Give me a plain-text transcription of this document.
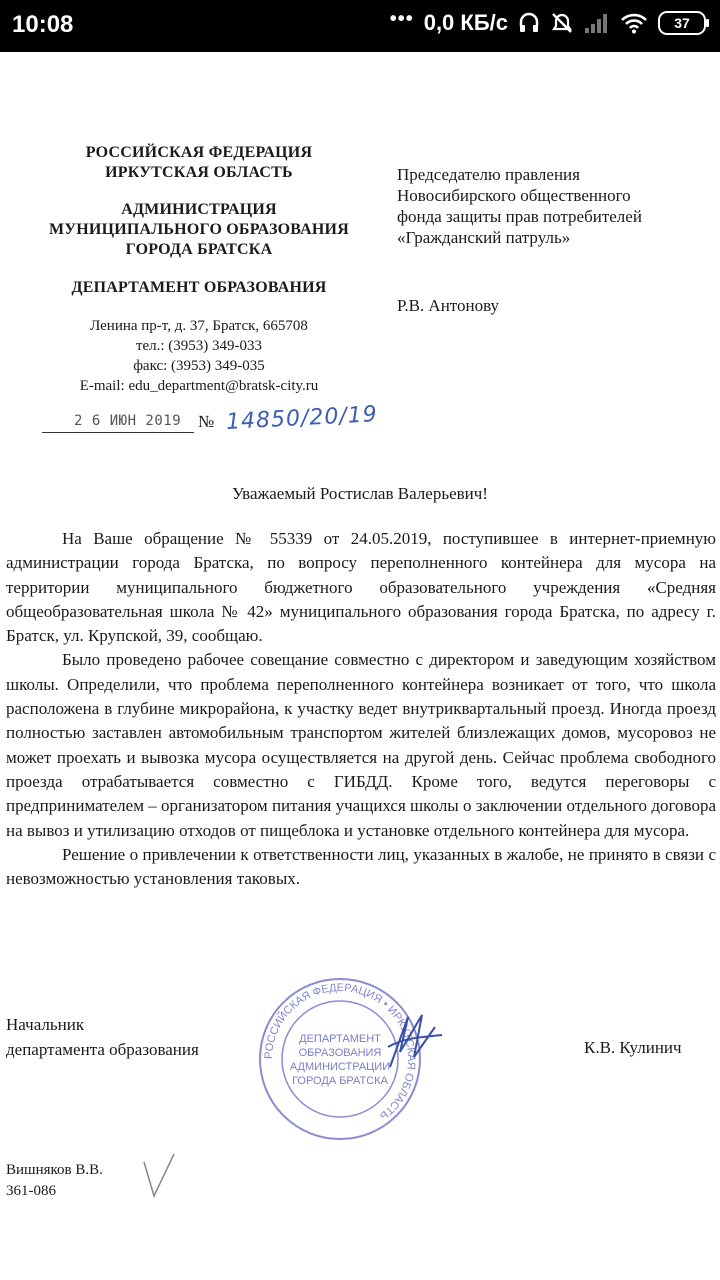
10:08	••• 0,0 КБ/с	37
РОССИЙСКАЯ ФЕДЕРАЦИЯ
ИРКУТСКАЯ ОБЛАСТЬ
АДМИНИСТРАЦИЯ
МУНИЦИПАЛЬНОГО ОБРАЗОВАНИЯ
ГОРОДА БРАТСКА
ДЕПАРТАМЕНТ ОБРАЗОВАНИЯ
Ленина пр-т, д. 37, Братск, 665708
тел.: (3953) 349-033
факс: (3953) 349-035
E-mail: edu_department@bratsk-city.ru
2 6 ИЮН 2019 № 14850/20/19
Председателю правления
Новосибирского общественного
фонда защиты прав потребителей
«Гражданский патруль»
Р.В. Антонову
Уважаемый Ростислав Валерьевич!

На Ваше обращение № 55339 от 24.05.2019, поступившее в интернет-приемную администрации города Братска, по вопросу переполненного контейнера для мусора на территории муниципального бюджетного образовательного учреждения «Средняя общеобразовательная школа № 42» муниципального образования города Братска, по адресу г. Братск, ул. Крупской, 39, сообщаю.

Было проведено рабочее совещание совместно с директором и заведующим хозяйством школы. Определили, что проблема переполненного контейнера возникает от того, что школа расположена в глубине микрорайона, к участку ведет внутриквартальный проезд. Иногда проезд полностью заставлен автомобильным транспортом жителей близлежащих домов, мусоровоз не может проехать и вывозка мусора осуществляется на другой день. Сейчас проблема свободного проезда отрабатывается совместно с ГИБДД. Кроме того, ведутся переговоры с предпринимателем – организатором питания учащихся школы о заключении отдельного договора на вывоз и утилизацию отходов от пищеблока и установке отдельного контейнера для мусора.

Решение о привлечении к ответственности лиц, указанных в жалобе, не принято в связи с невозможностью установления таковых.

Начальник
департамента образования	РОССИЙСКАЯ ФЕДЕРАЦИЯ • ИРКУТСКАЯ ОБЛАСТЬ
ДЕПАРТАМЕНТ
ОБРАЗОВАНИЯ
АДМИНИСТРАЦИИ
ГОРОДА БРАТСКА
К.В. Кулинич
Вишняков В.В.
361-086
